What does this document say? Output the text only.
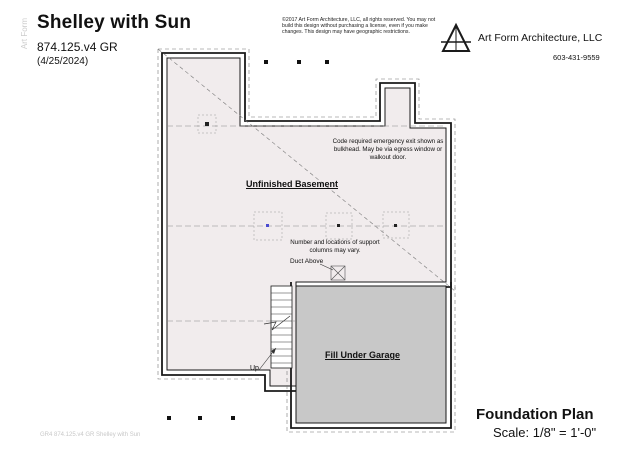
Art Form Shelley with Sun
874.125.v4 GR
(4/25/2024)
©2017 Art Form Architecture, LLC, all rights reserved. You may not build this design without purchasing a license, even if you make changes. This design may have geographic restrictions.	Art Form Architecture, LLC
603-431-9559
Unfinished Basement
Code required emergency exit shown as bulkhead. May be via egress window or walkout door.
Number and locations of support columns may vary.
Duct Above
Fill Under Garage
Up
Foundation Plan
Scale: 1/8" = 1'-0"
GR4 874.125.v4 GR Shelley with Sun
